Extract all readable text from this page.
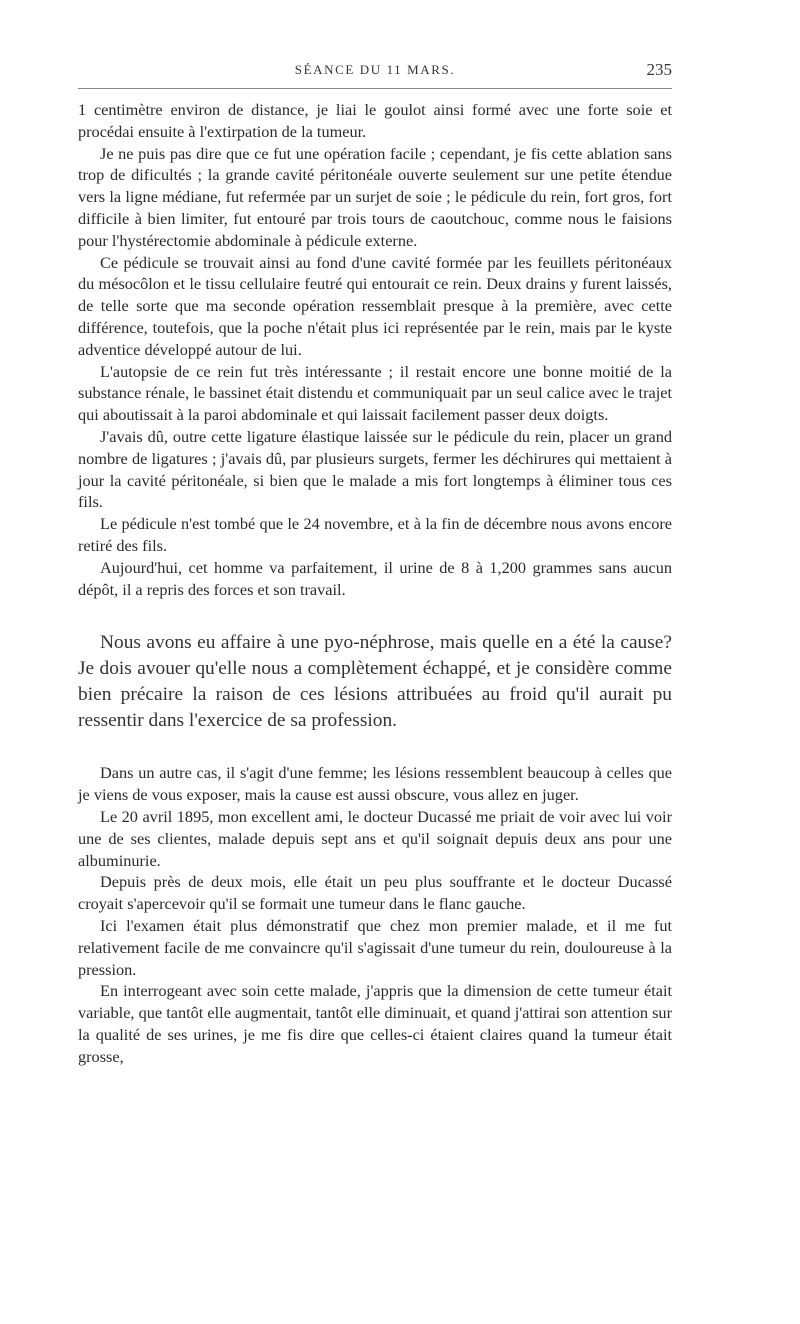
SÉANCE DU 11 MARS.	235

1 centimètre environ de distance, je liai le goulot ainsi formé avec une forte soie et procédai ensuite à l'extirpation de la tumeur.

Je ne puis pas dire que ce fut une opération facile ; cependant, je fis cette ablation sans trop de dificultés ; la grande cavité péritonéale ouverte seulement sur une petite étendue vers la ligne médiane, fut refermée par un surjet de soie ; le pédicule du rein, fort gros, fort difficile à bien limiter, fut entouré par trois tours de caoutchouc, comme nous le faisions pour l'hystérectomie abdominale à pédicule externe.

Ce pédicule se trouvait ainsi au fond d'une cavité formée par les feuillets péritonéaux du mésocôlon et le tissu cellulaire feutré qui entourait ce rein. Deux drains y furent laissés, de telle sorte que ma seconde opération ressemblait presque à la première, avec cette différence, toutefois, que la poche n'était plus ici représentée par le rein, mais par le kyste adventice développé autour de lui.

L'autopsie de ce rein fut très intéressante ; il restait encore une bonne moitié de la substance rénale, le bassinet était distendu et communiquait par un seul calice avec le trajet qui aboutissait à la paroi abdominale et qui laissait facilement passer deux doigts.

J'avais dû, outre cette ligature élastique laissée sur le pédicule du rein, placer un grand nombre de ligatures ; j'avais dû, par plusieurs surgets, fermer les déchirures qui mettaient à jour la cavité péritonéale, si bien que le malade a mis fort longtemps à éliminer tous ces fils.

Le pédicule n'est tombé que le 24 novembre, et à la fin de décembre nous avons encore retiré des fils.

Aujourd'hui, cet homme va parfaitement, il urine de 8 à 1,200 grammes sans aucun dépôt, il a repris des forces et son travail.

Nous avons eu affaire à une pyo-néphrose, mais quelle en a été la cause? Je dois avouer qu'elle nous a complètement échappé, et je considère comme bien précaire la raison de ces lésions attribuées au froid qu'il aurait pu ressentir dans l'exercice de sa profession.

Dans un autre cas, il s'agit d'une femme; les lésions ressemblent beaucoup à celles que je viens de vous exposer, mais la cause est aussi obscure, vous allez en juger.

Le 20 avril 1895, mon excellent ami, le docteur Ducassé me priait de voir avec lui voir une de ses clientes, malade depuis sept ans et qu'il soignait depuis deux ans pour une albuminurie.

Depuis près de deux mois, elle était un peu plus souffrante et le docteur Ducassé croyait s'apercevoir qu'il se formait une tumeur dans le flanc gauche.

Ici l'examen était plus démonstratif que chez mon premier malade, et il me fut relativement facile de me convaincre qu'il s'agissait d'une tumeur du rein, douloureuse à la pression.

En interrogeant avec soin cette malade, j'appris que la dimension de cette tumeur était variable, que tantôt elle augmentait, tantôt elle diminuait, et quand j'attirai son attention sur la qualité de ses urines, je me fis dire que celles-ci étaient claires quand la tumeur était grosse,
